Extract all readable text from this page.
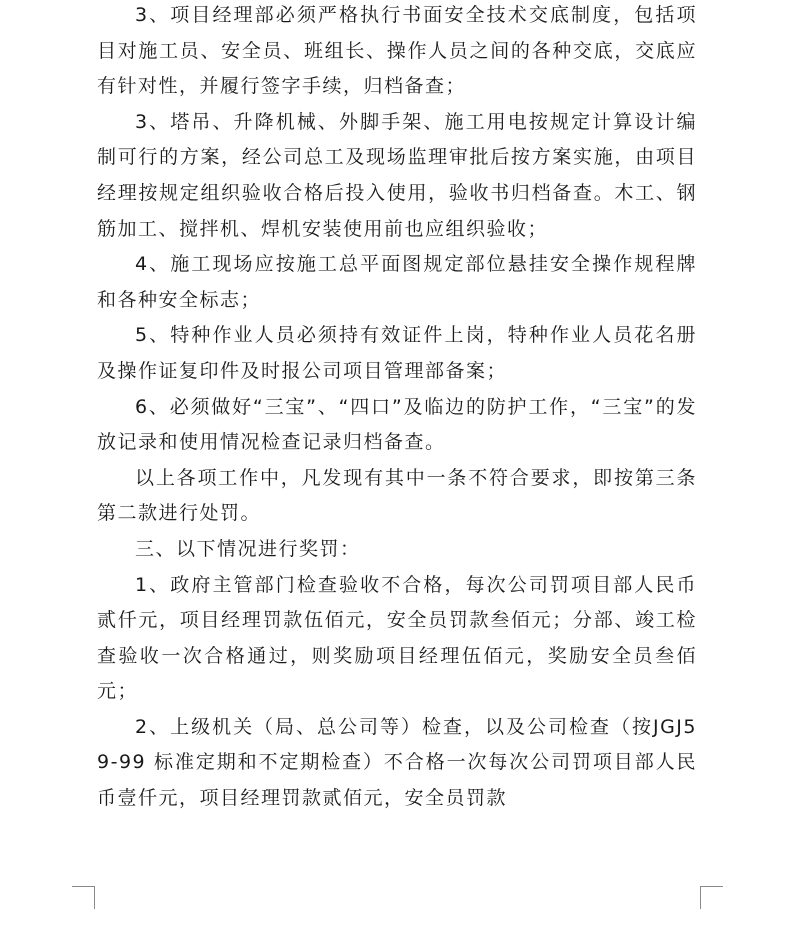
3、项目经理部必须严格执行书面安全技术交底制度，包括项目对施工员、安全员、班组长、操作人员之间的各种交底，交底应有针对性，并履行签字手续，归档备查；

3、塔吊、升降机械、外脚手架、施工用电按规定计算设计编制可行的方案，经公司总工及现场监理审批后按方案实施，由项目经理按规定组织验收合格后投入使用，验收书归档备查。木工、钢筋加工、搅拌机、焊机安装使用前也应组织验收；

4、施工现场应按施工总平面图规定部位悬挂安全操作规程牌和各种安全标志；

5、特种作业人员必须持有效证件上岗，特种作业人员花名册及操作证复印件及时报公司项目管理部备案；

6、必须做好“三宝”、“四口”及临边的防护工作，“三宝”的发放记录和使用情况检查记录归档备查。

以上各项工作中，凡发现有其中一条不符合要求，即按第三条第二款进行处罚。

三、以下情况进行奖罚：

1、政府主管部门检查验收不合格，每次公司罚项目部人民币贰仟元，项目经理罚款伍佰元，安全员罚款叁佰元；分部、竣工检查验收一次合格通过，则奖励项目经理伍佰元，奖励安全员叁佰元；

2、上级机关（局、总公司等）检查，以及公司检查（按JGJ59-99 标准定期和不定期检查）不合格一次每次公司罚项目部人民币壹仟元，项目经理罚款贰佰元，安全员罚款
